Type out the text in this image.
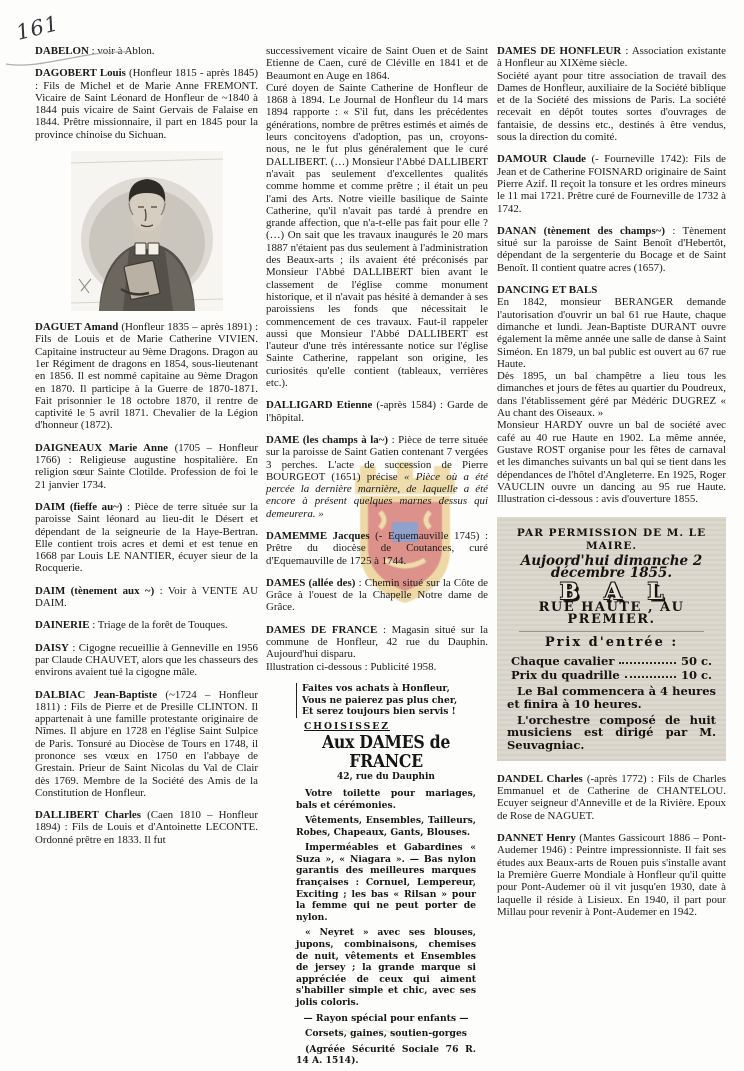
161

DABELON : voir à Ablon.

DAGOBERT Louis (Honfleur 1815 - après 1845) : Fils de Michel et de Marie Anne FREMONT. Vicaire de Saint Léonard de Honfleur de ~1840 à 1844 puis vicaire de Saint Gervais de Falaise en 1844. Prêtre missionnaire, il part en 1845 pour la province chinoise du Sichuan.

DAGUET Amand (Honfleur 1835 – après 1891) : Fils de Louis et de Marie Catherine VIVIEN. Capitaine instructeur au 9ème Dragons. Dragon au 1er Régiment de dragons en 1854, sous-lieutenant en 1856. Il est nommé capitaine au 9ème Dragon en 1870. Il participe à la Guerre de 1870-1871. Fait prisonnier le 18 octobre 1870, il rentre de captivité le 5 avril 1871. Chevalier de la Légion d'honneur (1872).

DAIGNEAUX Marie Anne (1705 – Honfleur 1766) : Religieuse augustine hospitalière. En religion sœur Sainte Clotilde. Profession de foi le 21 janvier 1734.

DAIM (fieffe au~) : Pièce de terre située sur la paroisse Saint léonard au lieu-dit le Désert et dépendant de la seigneurie de la Haye-Bertran. Elle contient trois acres et demi et est tenue en 1668 par Louis LE NANTIER, écuyer sieur de la Rocquerie.

DAIM (tènement aux ~) : Voir à VENTE AU DAIM.

DAINERIE : Triage de la forêt de Touques.

DAISY : Cigogne recueillie à Genneville en 1956 par Claude CHAUVET, alors que les chasseurs des environs avaient tué la cigogne mâle.

DALBIAC Jean-Baptiste (~1724 – Honfleur 1811) : Fils de Pierre et de Presille CLINTON. Il appartenait à une famille protestante originaire de Nîmes. Il abjure en 1728 en l'église Saint Sulpice de Paris. Tonsuré au Diocèse de Tours en 1748, il prononce ses vœux en 1750 en l'abbaye de Grestain. Prieur de Saint Nicolas du Val de Clair dès 1769. Membre de la Société des Amis de la Constitution de Honfleur.

DALLIBERT Charles (Caen 1810 – Honfleur 1894) : Fils de Louis et d'Antoinette LECONTE. Ordonné prêtre en 1833. Il fut

successivement vicaire de Saint Ouen et de Saint Etienne de Caen, curé de Cléville en 1841 et de Beaumont en Auge en 1864.
Curé doyen de Sainte Catherine de Honfleur de 1868 à 1894. Le Journal de Honfleur du 14 mars 1894 rapporte : « S'il fut, dans les précédentes générations, nombre de prêtres estimés et aimés de leurs concitoyens d'adoption, pas un, croyons-nous, ne le fut plus généralement que le curé DALLIBERT. (…) Monsieur l'Abbé DALLIBERT n'avait pas seulement d'excellentes qualités comme homme et comme prêtre ; il était un peu l'ami des Arts. Notre vieille basilique de Sainte Catherine, qu'il n'avait pas tardé à prendre en grande affection, que n'a-t-elle pas fait pour elle ? (…) On sait que les travaux inaugurés le 20 mars 1887 n'étaient pas dus seulement à l'administration des Beaux-arts ; ils avaient été préconisés par Monsieur l'Abbé DALLIBERT bien avant le classement de l'église comme monument historique, et il n'avait pas hésité à demander à ses paroissiens les fonds que nécessitait le commencement de ces travaux. Faut-il rappeler aussi que Monsieur l'Abbé DALLIBERT est l'auteur d'une très intéressante notice sur l'église Sainte Catherine, rappelant son origine, les curiosités qu'elle contient (tableaux, verrières etc.).

DALLIGARD Etienne (-après 1584) : Garde de l'hôpital.

DAME (les champs à la~) : Pièce de terre située sur la paroisse de Saint Gatien contenant 7 vergées 3 perches. L'acte de succession de Pierre BOURGEOT (1651) précise « Pièce où a été percée la dernière marnière, de laquelle a été encore à présent quelques marnes dessus qui demeurera. »

DAMEMME Jacques (- Equemauville 1745) : Prêtre du diocèse de Coutances, curé d'Equemauville de 1725 à 1744.

DAMES (allée des) : Chemin situé sur la Côte de Grâce à l'ouest de la Chapelle Notre dame de Grâce.

DAMES DE FRANCE : Magasin situé sur la commune de Honfleur, 42 rue du Dauphin. Aujourd'hui disparu.
Illustration ci-dessous : Publicité 1958.

Faites vos achats à Honfleur,
Vous ne paierez pas plus cher,
Et serez toujours bien servis !
CHOISISSEZ
Aux DAMES de FRANCE
42, rue du Dauphin

Votre toilette pour mariages, bals et cérémonies.

Vêtements, Ensembles, Tailleurs, Robes, Chapeaux, Gants, Blouses.

Imperméables et Gabardines « Suza », « Niagara ». — Bas nylon garantis des meilleures marques françaises : Cornuel, Lempereur, Exciting ; les bas « Rilsan » pour la femme qui ne peut porter de nylon.

« Neyret » avec ses blouses, jupons, combinaisons, chemises de nuit, vêtements et Ensembles de jersey ; la grande marque si appréciée de ceux qui aiment s'habiller simple et chic, avec ses jolis coloris.

— Rayon spécial pour enfants —

Corsets, gaines, soutien-gorges

(Agréée Sécurité Sociale 76 R. 14 A. 1514).

DAMES DE HONFLEUR : Association existante à Honfleur au XIXème siècle.
Société ayant pour titre association de travail des Dames de Honfleur, auxiliaire de la Société biblique et de la Société des missions de Paris. La société recevait en dépôt toutes sortes d'ouvrages de fantaisie, de dessins etc., destinés à être vendus, sous la direction du comité.

DAMOUR Claude (- Fourneville 1742): Fils de Jean et de Catherine FOISNARD originaire de Saint Pierre Azif. Il reçoit la tonsure et les ordres mineurs le 11 mai 1721. Prêtre curé de Fourneville de 1732 à 1742.

DANAN (tènement des champs~) : Tènement situé sur la paroisse de Saint Benoît d'Hebertôt, dépendant de la sergenterie du Bocage et de Saint Benoît. Il contient quatre acres (1657).

DANCING ET BALS
En 1842, monsieur BERANGER demande l'autorisation d'ouvrir un bal 61 rue Haute, chaque dimanche et lundi. Jean-Baptiste DURANT ouvre également la même année une salle de danse à Saint Siméon. En 1879, un bal public est ouvert au 67 rue Haute.
Dès 1895, un bal champêtre a lieu tous les dimanches et jours de fêtes au quartier du Poudreux, dans l'établissement géré par Médéric DUGREZ « Au chant des Oiseaux. »
Monsieur HARDY ouvre un bal de société avec café au 40 rue Haute en 1902. La même année, Gustave ROST organise pour les fêtes de carnaval et les dimanches suivants un bal qui se tient dans les dépendances de l'hôtel d'Angleterre. En 1925, Roger VAUCLIN ouvre un dancing au 95 rue Haute. Illustration ci-dessous : avis d'ouverture 1855.

PAR PERMISSION DE M. LE MAIRE.
Aujoord'hui dimanche 2 décembre 1855.
BAL
RUE HAUTE , AU PREMIER.
Prix d'entrée :
Chaque cavalier	50 c.
Prix du quadrille	10 c.
Le Bal commencera à 4 heures et finira à 10 heures.
L'orchestre composé de huit musiciens est dirigé par M. Seuvagniac.

DANDEL Charles (-après 1772) : Fils de Charles Emmanuel et de Catherine de CHANTELOU. Ecuyer seigneur d'Anneville et de la Rivière. Epoux de Rose de NAGUET.

DANNET Henry (Mantes Gassicourt 1886 – Pont-Audemer 1946) : Peintre impressionniste. Il fait ses études aux Beaux-arts de Rouen puis s'installe avant la Première Guerre Mondiale à Honfleur qu'il quitte pour Pont-Audemer où il vit jusqu'en 1930, date à laquelle il réside à Lisieux. En 1940, il part pour Millau pour revenir à Pont-Audemer en 1942.
